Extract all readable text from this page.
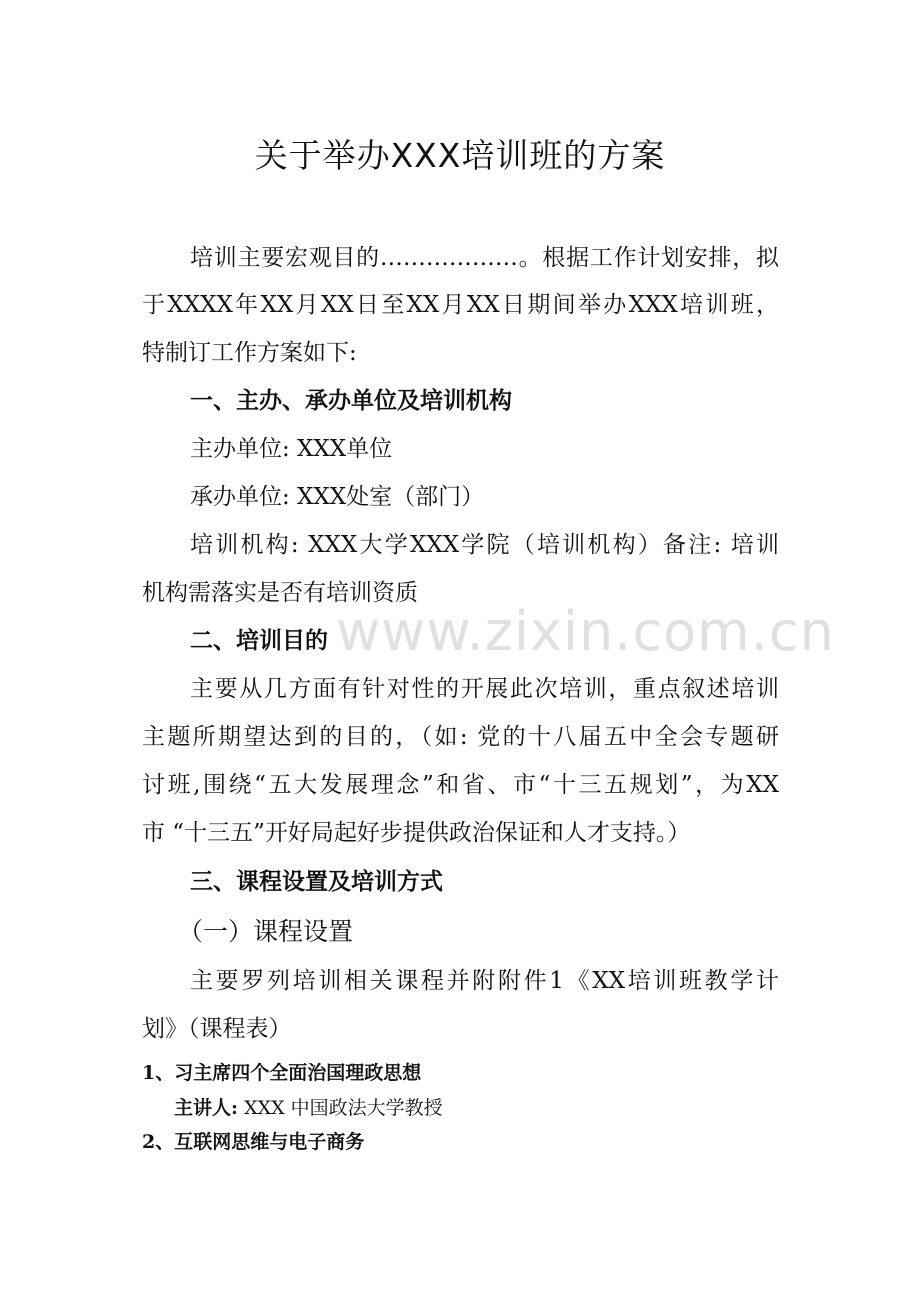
关于举办XXX培训班的方案
培训主要宏观目的………………。根据工作计划安排，拟
于XXXX年XX月XX日至XX月XX日期间举办XXX培训班，
特制订工作方案如下:
一、主办、承办单位及培训机构
主办单位: XXX单位
承办单位: XXX处室（部门）
培训机构: XXX大学XXX学院（培训机构）备注: 培训
机构需落实是否有培训资质
二、培训目的
主要从几方面有针对性的开展此次培训，重点叙述培训
主题所期望达到的目的，（如: 党的十八届五中全会专题研
讨班,围绕“五大发展理念”和省、市“十三五规划”，为XX
市 “十三五”开好局起好步提供政治保证和人才支持。）
三、课程设置及培训方式
（一）课程设置
主要罗列培训相关课程并附附件1《XX培训班教学计
划》（课程表）
1、习主席四个全面治国理政思想
主讲人: XXX 中国政法大学教授
2、互联网思维与电子商务
www.zixin.com.cn
